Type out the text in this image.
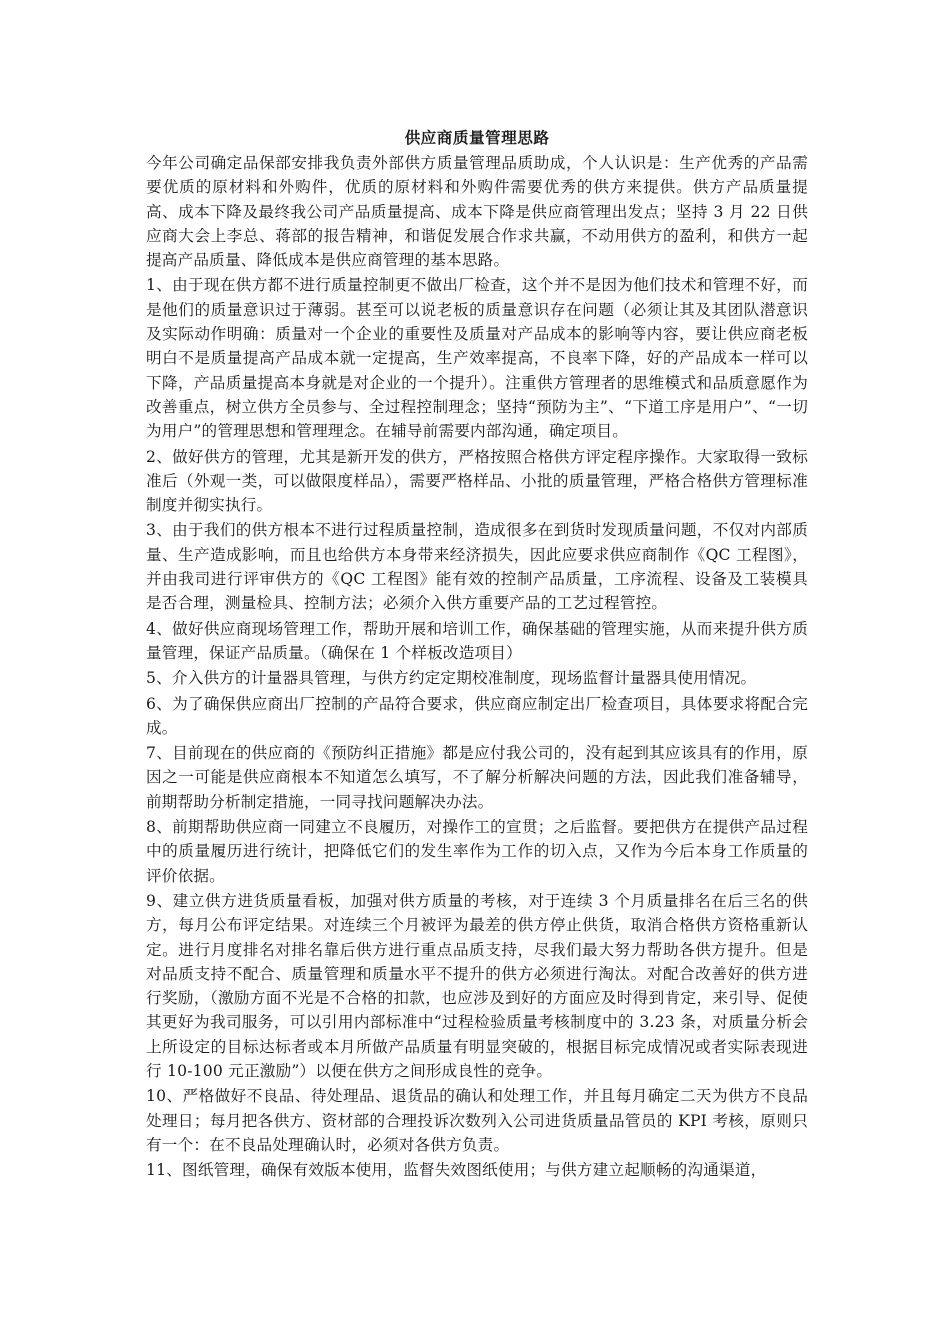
供应商质量管理思路

今年公司确定品保部安排我负责外部供方质量管理品质助成，个人认识是：生产优秀的产品需要优质的原材料和外购件，优质的原材料和外购件需要优秀的供方来提供。供方产品质量提高、成本下降及最终我公司产品质量提高、成本下降是供应商管理出发点；坚持 3 月 22 日供应商大会上李总、蒋部的报告精神，和谐促发展合作求共赢，不动用供方的盈利，和供方一起提高产品质量、降低成本是供应商管理的基本思路。

1、由于现在供方都不进行质量控制更不做出厂检查，这个并不是因为他们技术和管理不好，而是他们的质量意识过于薄弱。甚至可以说老板的质量意识存在问题（必须让其及其团队潜意识及实际动作明确：质量对一个企业的重要性及质量对产品成本的影响等内容，要让供应商老板明白不是质量提高产品成本就一定提高，生产效率提高，不良率下降，好的产品成本一样可以下降，产品质量提高本身就是对企业的一个提升）。注重供方管理者的思维模式和品质意愿作为改善重点，树立供方全员参与、全过程控制理念；坚持“预防为主”、“下道工序是用户”、“一切为用户”的管理思想和管理理念。在辅导前需要内部沟通，确定项目。

2、做好供方的管理，尤其是新开发的供方，严格按照合格供方评定程序操作。大家取得一致标准后（外观一类，可以做限度样品），需要严格样品、小批的质量管理，严格合格供方管理标准制度并彻实执行。

3、由于我们的供方根本不进行过程质量控制，造成很多在到货时发现质量问题，不仅对内部质量、生产造成影响，而且也给供方本身带来经济损失，因此应要求供应商制作《QC 工程图》，并由我司进行评审供方的《QC 工程图》能有效的控制产品质量，工序流程、设备及工装模具是否合理，测量检具、控制方法；必须介入供方重要产品的工艺过程管控。

4、做好供应商现场管理工作，帮助开展和培训工作，确保基础的管理实施，从而来提升供方质量管理，保证产品质量。（确保在 1 个样板改造项目）

5、介入供方的计量器具管理，与供方约定定期校准制度，现场监督计量器具使用情况。

6、为了确保供应商出厂控制的产品符合要求，供应商应制定出厂检查项目，具体要求将配合完成。

7、目前现在的供应商的《预防纠正措施》都是应付我公司的，没有起到其应该具有的作用，原因之一可能是供应商根本不知道怎么填写，不了解分析解决问题的方法，因此我们准备辅导，前期帮助分析制定措施，一同寻找问题解决办法。

8、前期帮助供应商一同建立不良履历，对操作工的宣贯；之后监督。要把供方在提供产品过程中的质量履历进行统计，把降低它们的发生率作为工作的切入点，又作为今后本身工作质量的评价依据。

9、建立供方进货质量看板，加强对供方质量的考核，对于连续 3 个月质量排名在后三名的供方，每月公布评定结果。对连续三个月被评为最差的供方停止供货，取消合格供方资格重新认定。进行月度排名对排名靠后供方进行重点品质支持，尽我们最大努力帮助各供方提升。但是对品质支持不配合、质量管理和质量水平不提升的供方必须进行淘汰。对配合改善好的供方进行奖励，（激励方面不光是不合格的扣款，也应涉及到好的方面应及时得到肯定，来引导、促使其更好为我司服务，可以引用内部标准中“过程检验质量考核制度中的 3.23 条，对质量分析会上所设定的目标达标者或本月所做产品质量有明显突破的，根据目标完成情况或者实际表现进行 10-100 元正激励”）以便在供方之间形成良性的竞争。

10、严格做好不良品、待处理品、退货品的确认和处理工作，并且每月确定二天为供方不良品处理日；每月把各供方、资材部的合理投诉次数列入公司进货质量品管员的 KPI 考核，原则只有一个：在不良品处理确认时，必须对各供方负责。

11、图纸管理，确保有效版本使用，监督失效图纸使用；与供方建立起顺畅的沟通渠道，
